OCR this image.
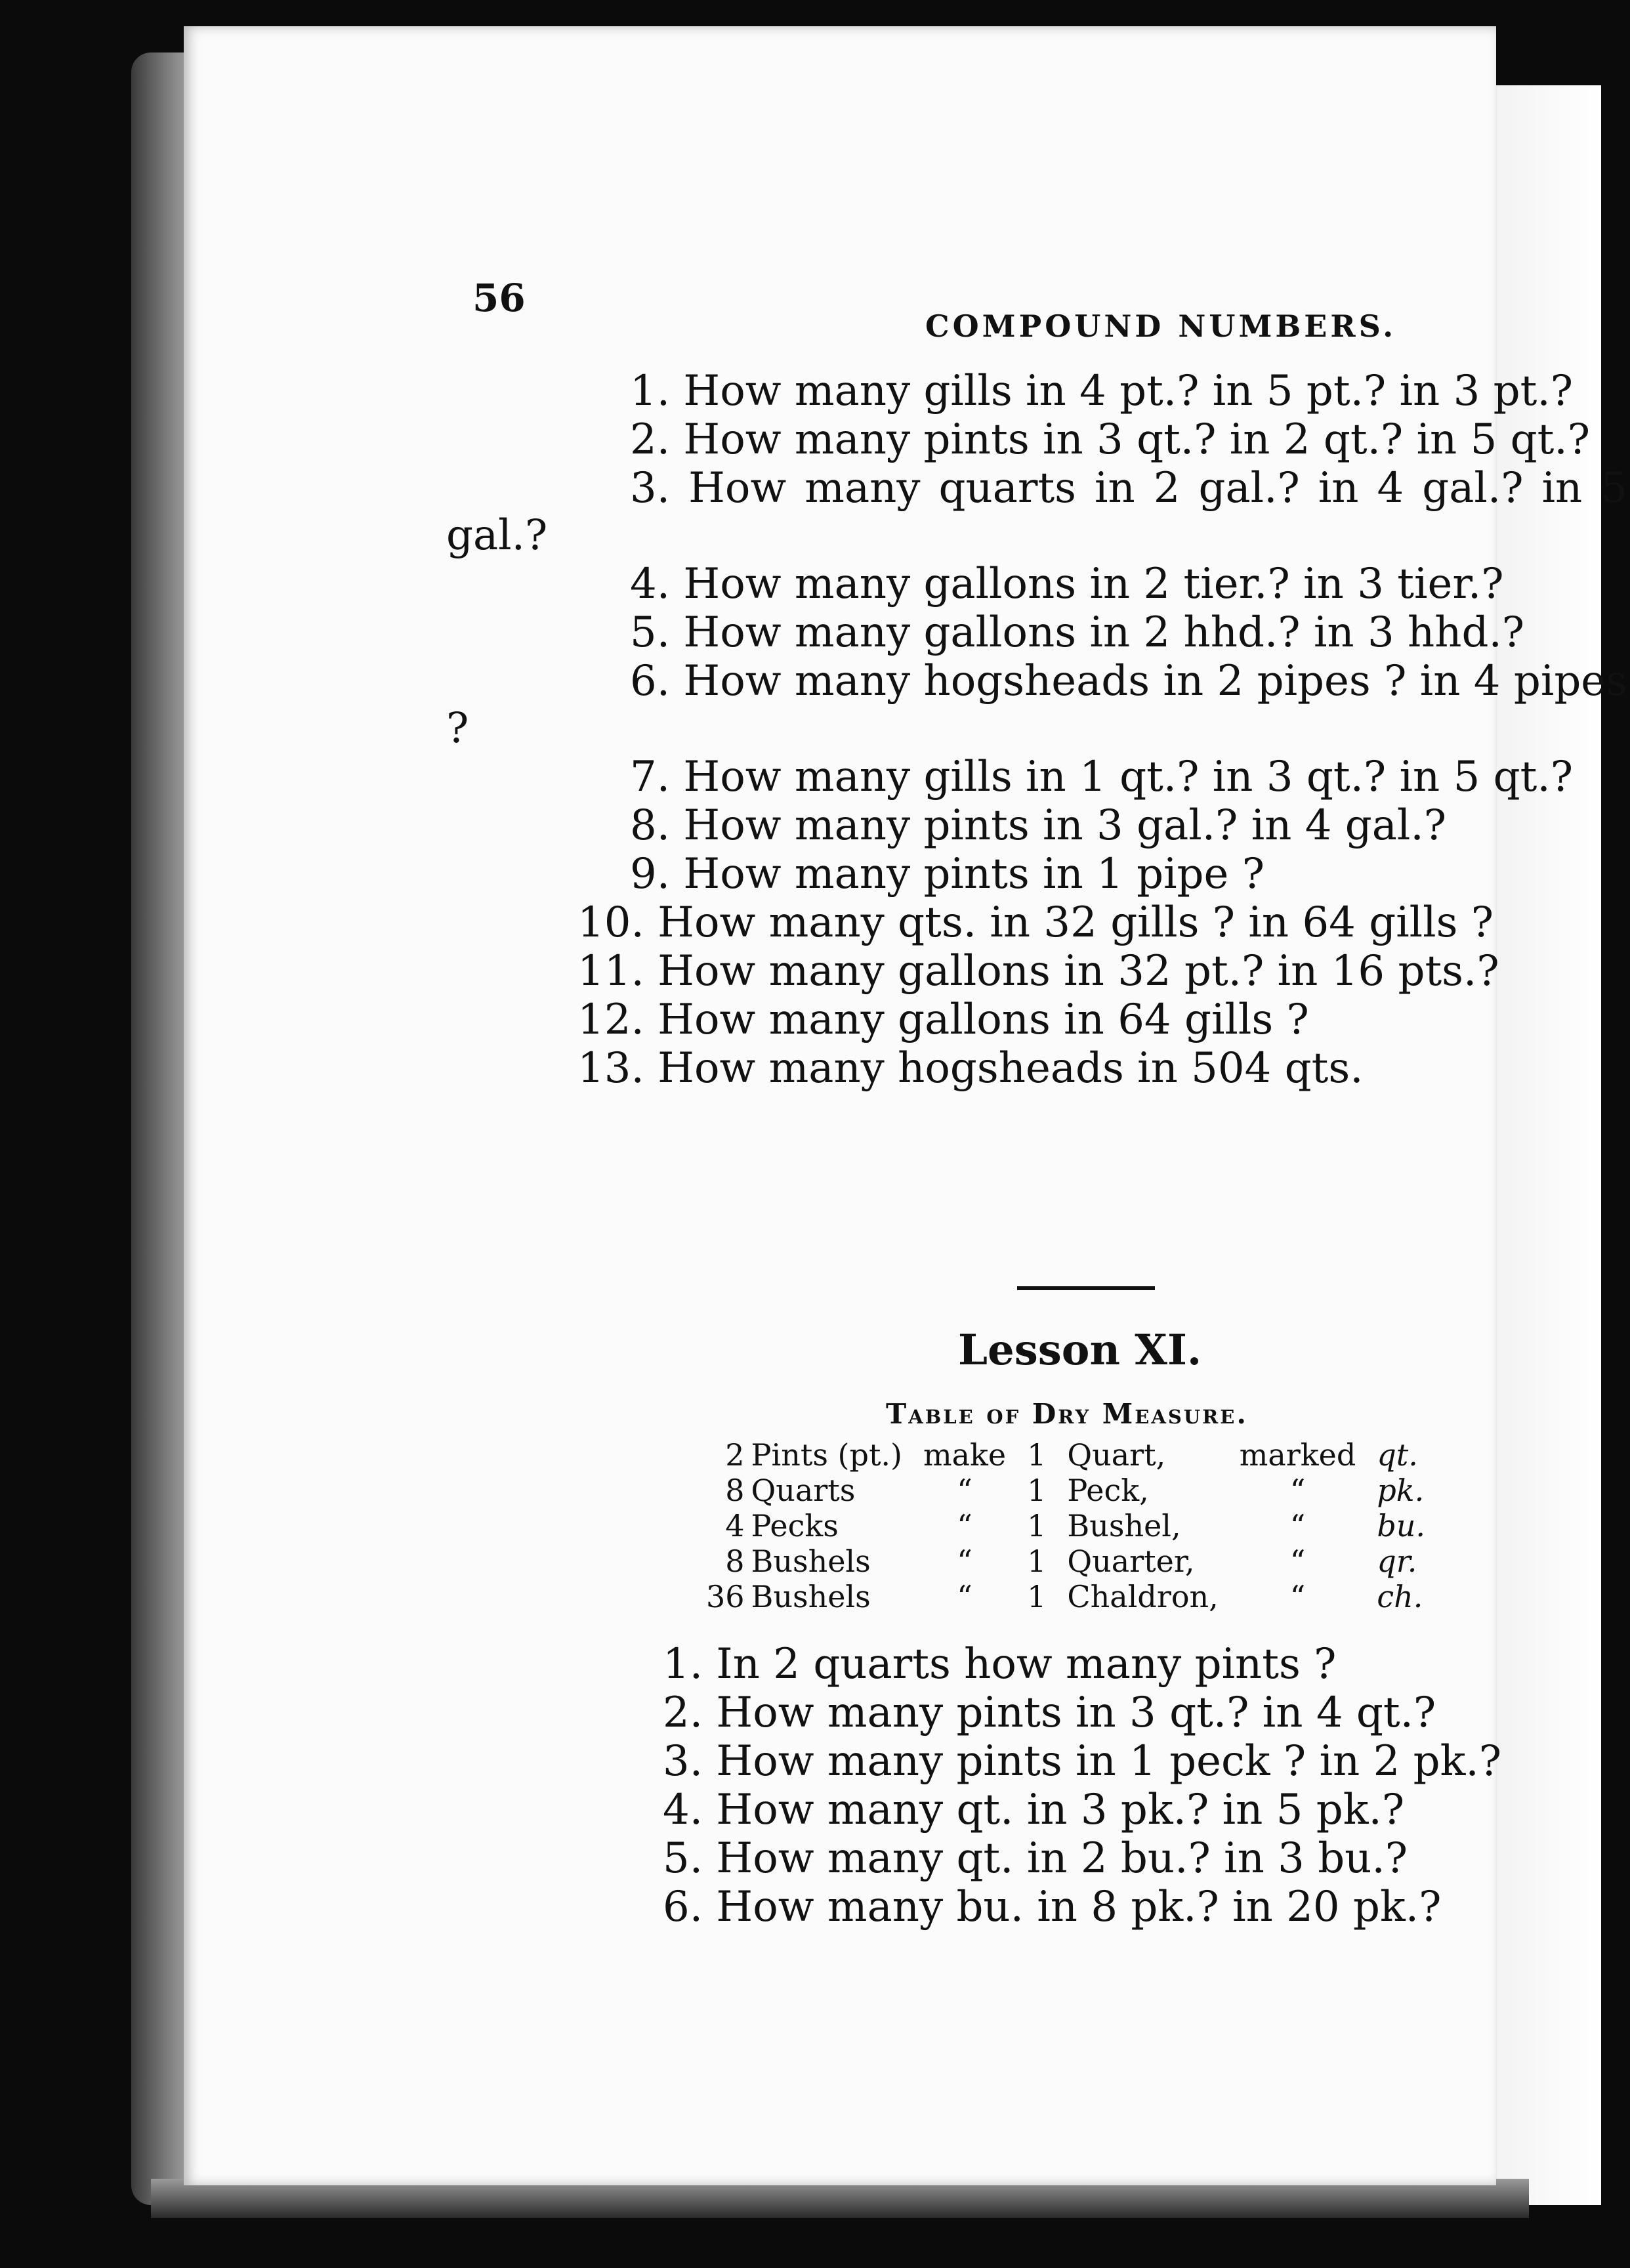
56
COMPOUND NUMBERS.

1. How many gills in 4 pt.? in 5 pt.? in 3 pt.?

2. How many pints in 3 qt.? in 2 qt.? in 5 qt.?

3. How many quarts in 2 gal.? in 4 gal.? in 5 gal.?

4. How many gallons in 2 tier.? in 3 tier.?

5. How many gallons in 2 hhd.? in 3 hhd.?

6. How many hogsheads in 2 pipes ? in 4 pipes ?

7. How many gills in 1 qt.? in 3 qt.? in 5 qt.?

8. How many pints in 3 gal.? in 4 gal.?

9. How many pints in 1 pipe ?

10. How many qts. in 32 gills ? in 64 gills ?

11. How many gallons in 32 pt.? in 16 pts.?

12. How many gallons in 64 gills ?

13. How many hogsheads in 504 qts.

Lesson XI.
Table of Dry Measure.
2	Pints (pt.)	make	1	Quart,	marked	qt.
8	Quarts	“	1	Peck,	“	pk.
4	Pecks	“	1	Bushel,	“	bu.
8	Bushels	“	1	Quarter,	“	qr.
36	Bushels	“	1	Chaldron,	“	ch.

1. In 2 quarts how many pints ?

2. How many pints in 3 qt.? in 4 qt.?

3. How many pints in 1 peck ? in 2 pk.?

4. How many qt. in 3 pk.? in 5 pk.?

5. How many qt. in 2 bu.? in 3 bu.?

6. How many bu. in 8 pk.? in 20 pk.?
